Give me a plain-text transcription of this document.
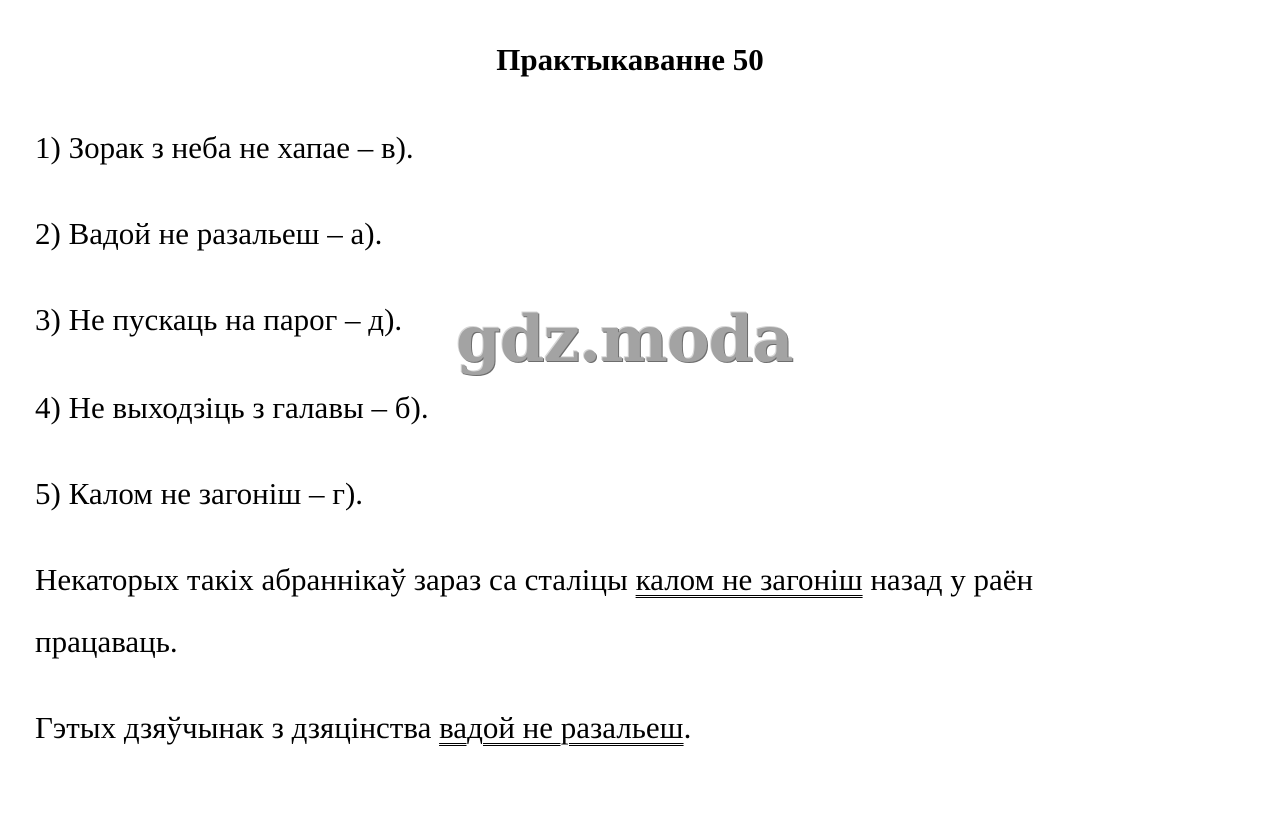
Практыкаванне 50
1) Зорак з неба не хапае – в).
2) Вадой не разальеш – а).
3) Не пускаць на парог – д).
4) Не выходзіць з галавы – б).
5) Калом не загоніш – г).
Некаторых такіх абраннікаў зараз са сталіцы калом не загоніш назад у раён
працаваць.
Гэтых дзяўчынак з дзяцінства вадой не разальеш.
gdz.moda
